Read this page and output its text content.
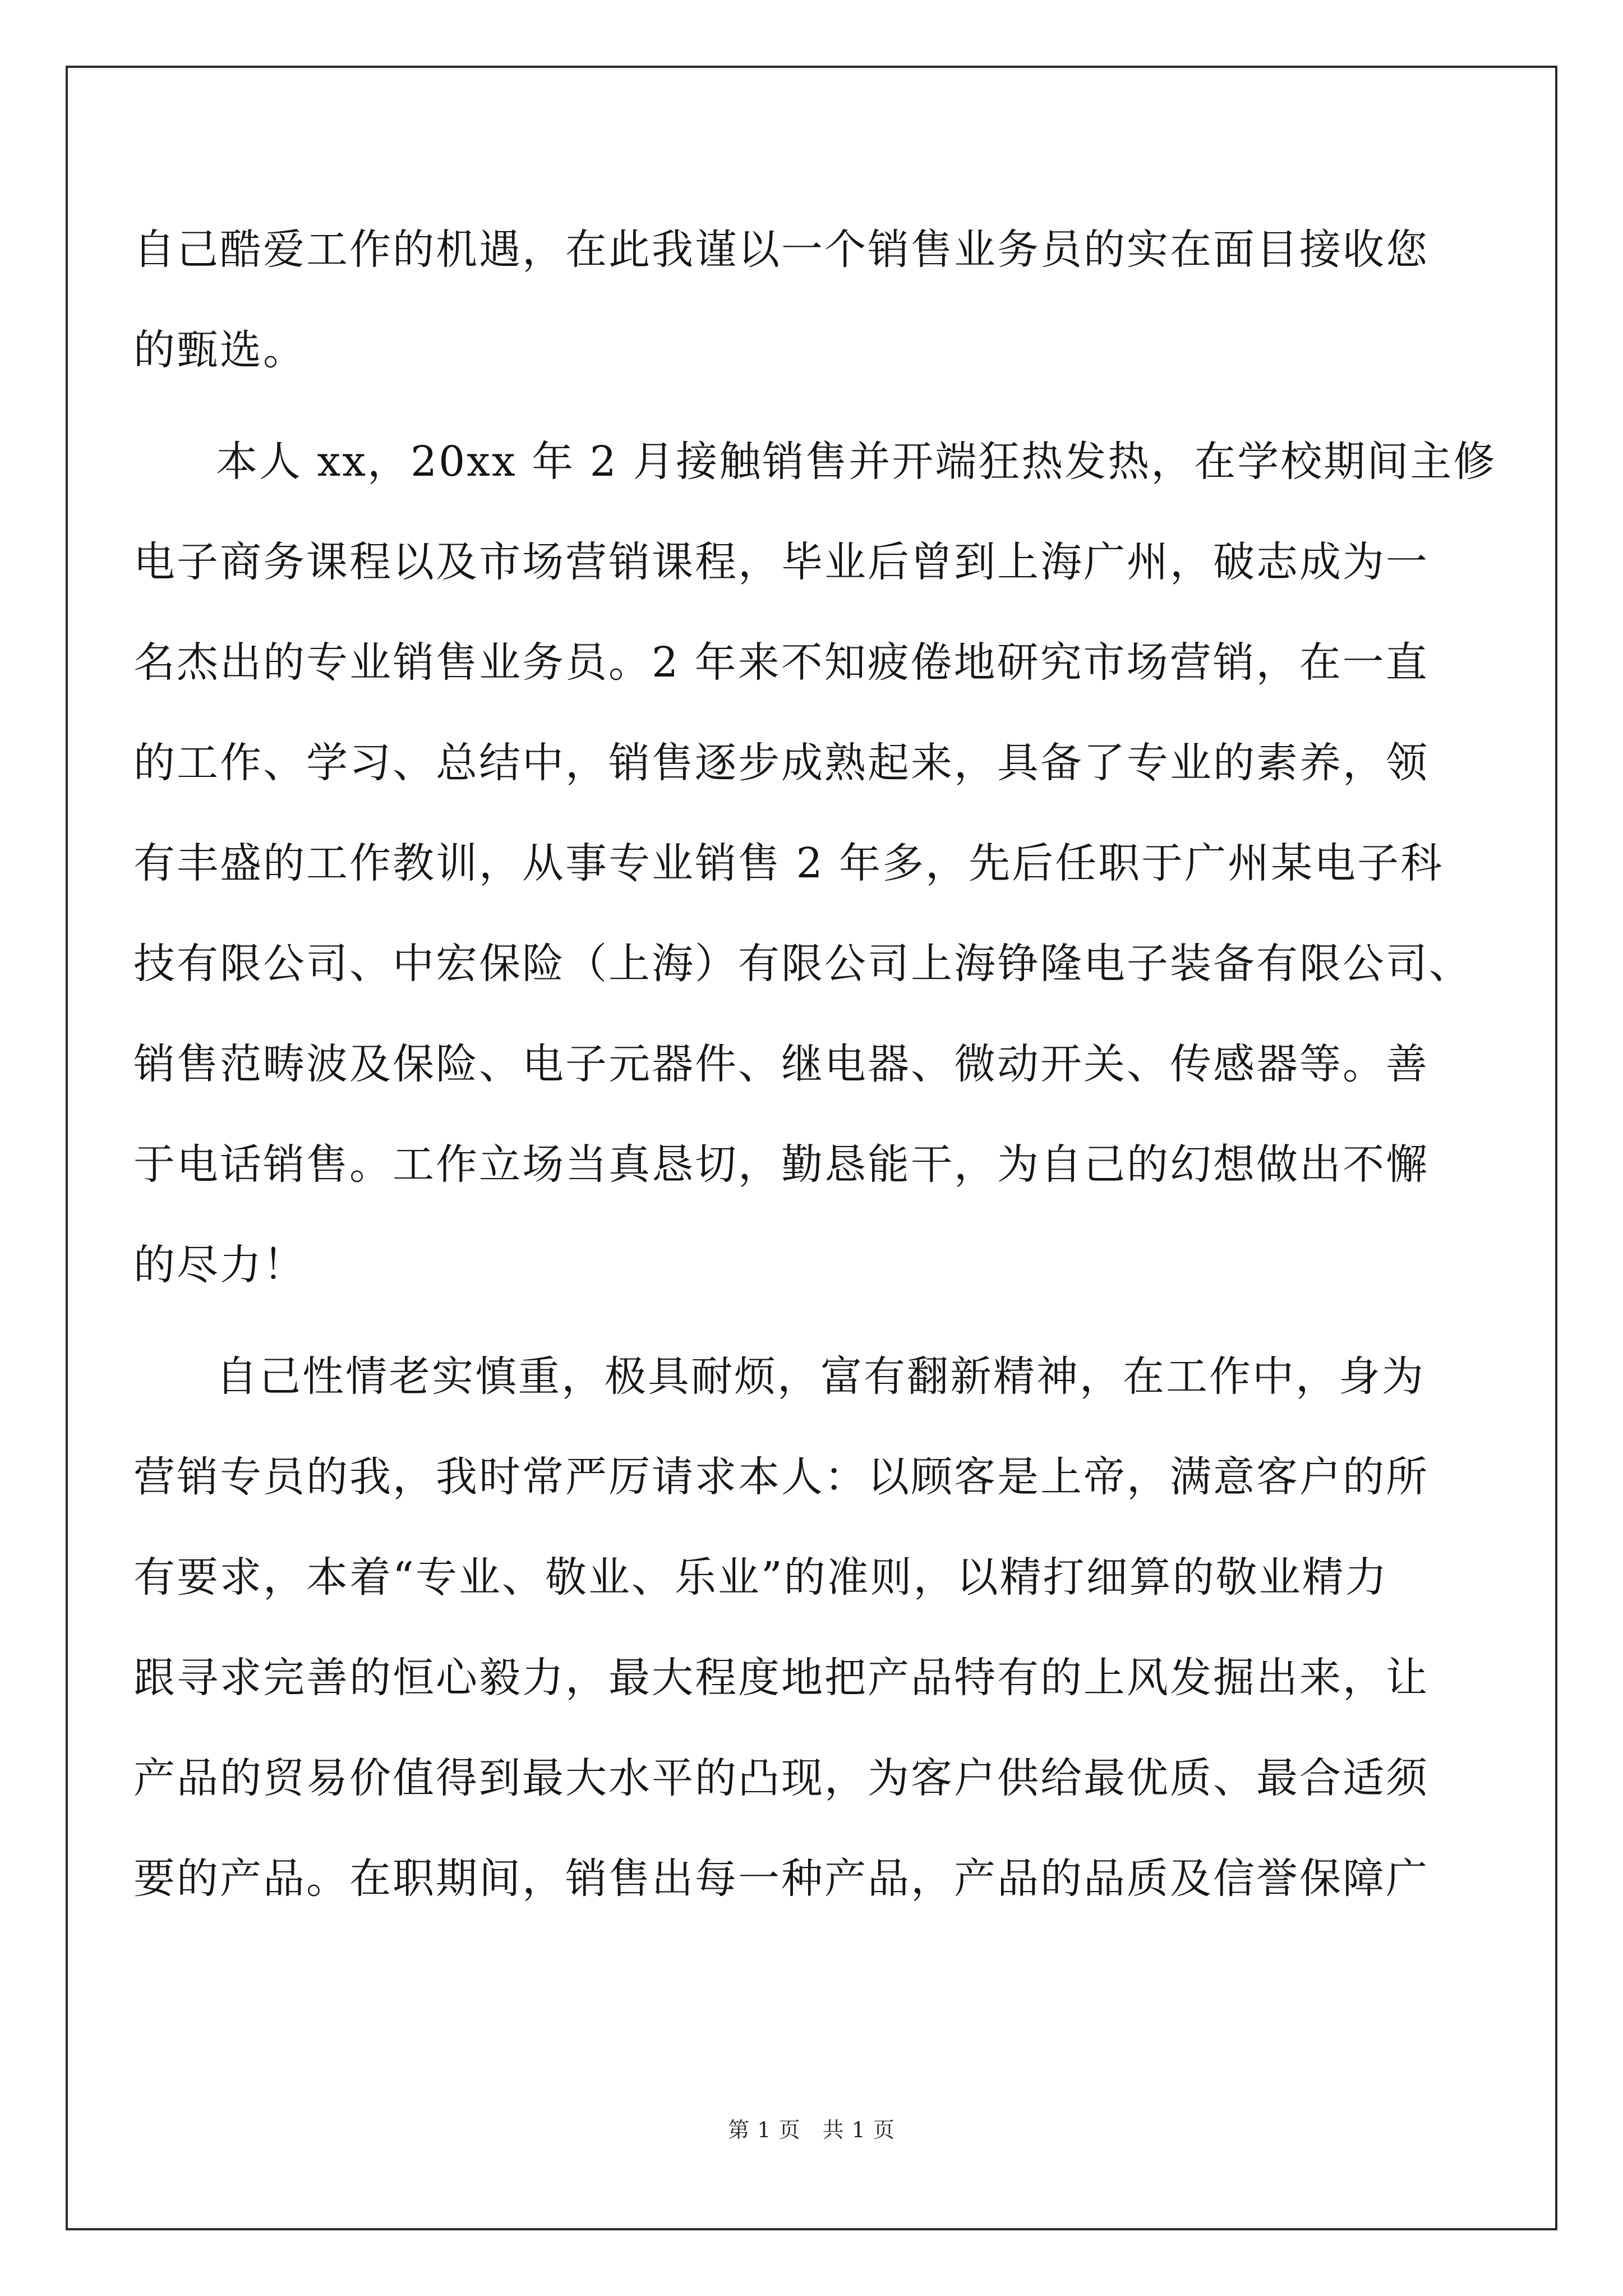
自己酷爱工作的机遇，在此我谨以一个销售业务员的实在面目接收您
的甄选。
本人 xx，20xx 年 2 月接触销售并开端狂热发热，在学校期间主修
电子商务课程以及市场营销课程，毕业后曾到上海广州，破志成为一
名杰出的专业销售业务员。2 年来不知疲倦地研究市场营销，在一直
的工作、学习、总结中，销售逐步成熟起来，具备了专业的素养，领
有丰盛的工作教训，从事专业销售 2 年多，先后任职于广州某电子科
技有限公司、中宏保险（上海）有限公司上海铮隆电子装备有限公司、
销售范畴波及保险、电子元器件、继电器、微动开关、传感器等。善
于电话销售。工作立场当真恳切，勤恳能干，为自己的幻想做出不懈
的尽力！
自己性情老实慎重，极具耐烦，富有翻新精神，在工作中，身为
营销专员的我，我时常严厉请求本人：以顾客是上帝，满意客户的所
有要求，本着“专业、敬业、乐业”的准则，以精打细算的敬业精力
跟寻求完善的恒心毅力，最大程度地把产品特有的上风发掘出来，让
产品的贸易价值得到最大水平的凸现，为客户供给最优质、最合适须
要的产品。在职期间，销售出每一种产品，产品的品质及信誉保障广
第 1 页　共 1 页
